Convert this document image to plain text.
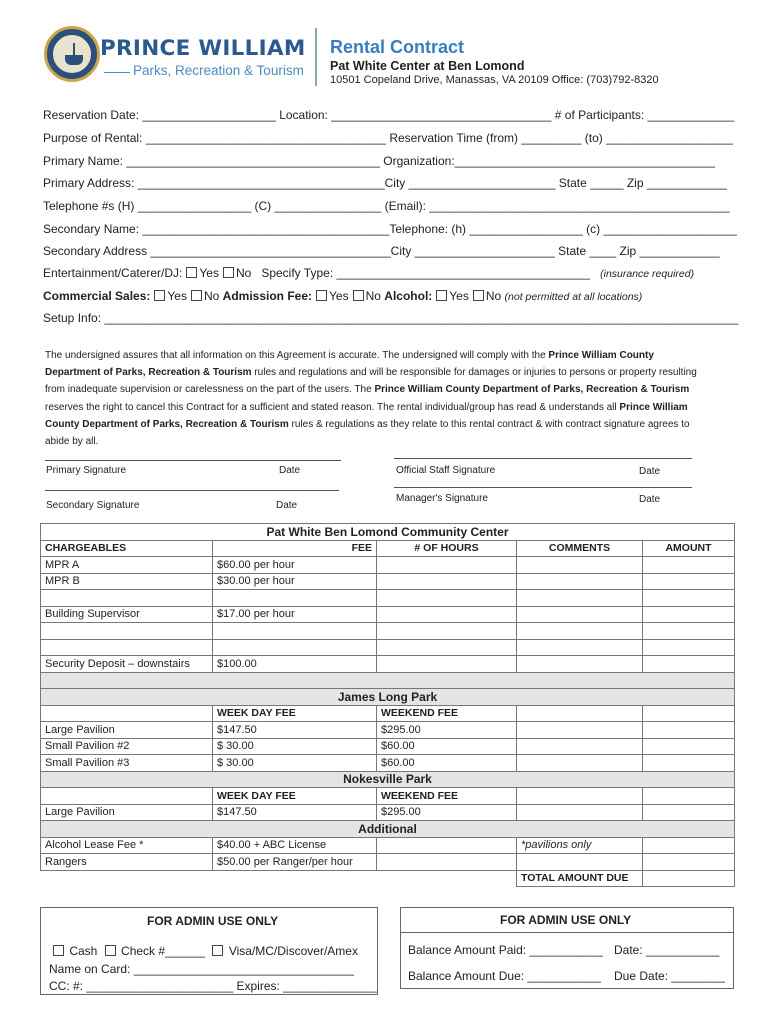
PRINCE WILLIAM
Parks, Recreation & Tourism
Rental Contract
Pat White Center at Ben Lomond
10501 Copeland Drive, Manassas, VA 20109 Office: (703)792-8320
Reservation Date: ____________________ Location: _________________________________ # of Participants: _____________
Purpose of Rental: ____________________________________ Reservation Time (from) _________ (to) ___________________
Primary Name: ______________________________________ Organization:_______________________________________
Primary Address: _____________________________________City ______________________ State _____ Zip ____________
Telephone #s (H) _________________ (C) ________________ (Email): _____________________________________________
Secondary Name: _____________________________________Telephone: (h) _________________ (c) ____________________
Secondary Address ____________________________________City _____________________ State ____ Zip ____________
Entertainment/Caterer/DJ: Yes No Specify Type: ______________________________________ (insurance required)
Commercial Sales: Yes No Admission Fee: Yes No Alcohol: Yes No (not permitted at all locations)
Setup Info: _______________________________________________________________________________________________
The undersigned assures that all information on this Agreement is accurate. The undersigned will comply with the Prince William County Department of Parks, Recreation & Tourism rules and regulations and will be responsible for damages or injuries to persons or property resulting from inadequate supervision or carelessness on the part of the users. The Prince William County Department of Parks, Recreation & Tourism reserves the right to cancel this Contract for a sufficient and stated reason. The rental individual/group has read & understands all Prince William County Department of Parks, Recreation & Tourism rules & regulations as they relate to this rental contract & with contract signature agrees to abide by all.
Primary Signature	Date
Secondary Signature	Date
Official Staff Signature	Date
Manager's Signature	Date
Pat White Ben Lomond Community Center				
CHARGEABLES	FEE	# OF HOURS	COMMENTS	AMOUNT
MPR A	$60.00 per hour			
MPR B	$30.00 per hour			

Building Supervisor	$17.00 per hour			

Security Deposit – downstairs	$100.00			

James Long Park				
	WEEK DAY FEE	WEEKEND FEE		
Large Pavilion	$147.50	$295.00		
Small Pavilion #2	$ 30.00	$60.00		
Small Pavilion #3	$ 30.00	$60.00		
Nokesville Park				
	WEEK DAY FEE	WEEKEND FEE		
Large Pavilion	$147.50	$295.00		
Additional				
Alcohol Lease Fee *	$40.00 + ABC License		*pavilions only	
Rangers	$50.00 per Ranger/per hour			
			TOTAL AMOUNT DUE	
FOR ADMIN USE ONLY
Cash Check #______ Visa/MC/Discover/Amex
Name on Card: _________________________________
CC: #: ______________________ Expires: ______________
FOR ADMIN USE ONLY
Balance Amount Paid: ___________ Date: ___________
Balance Amount Due: ___________ Due Date: ________
